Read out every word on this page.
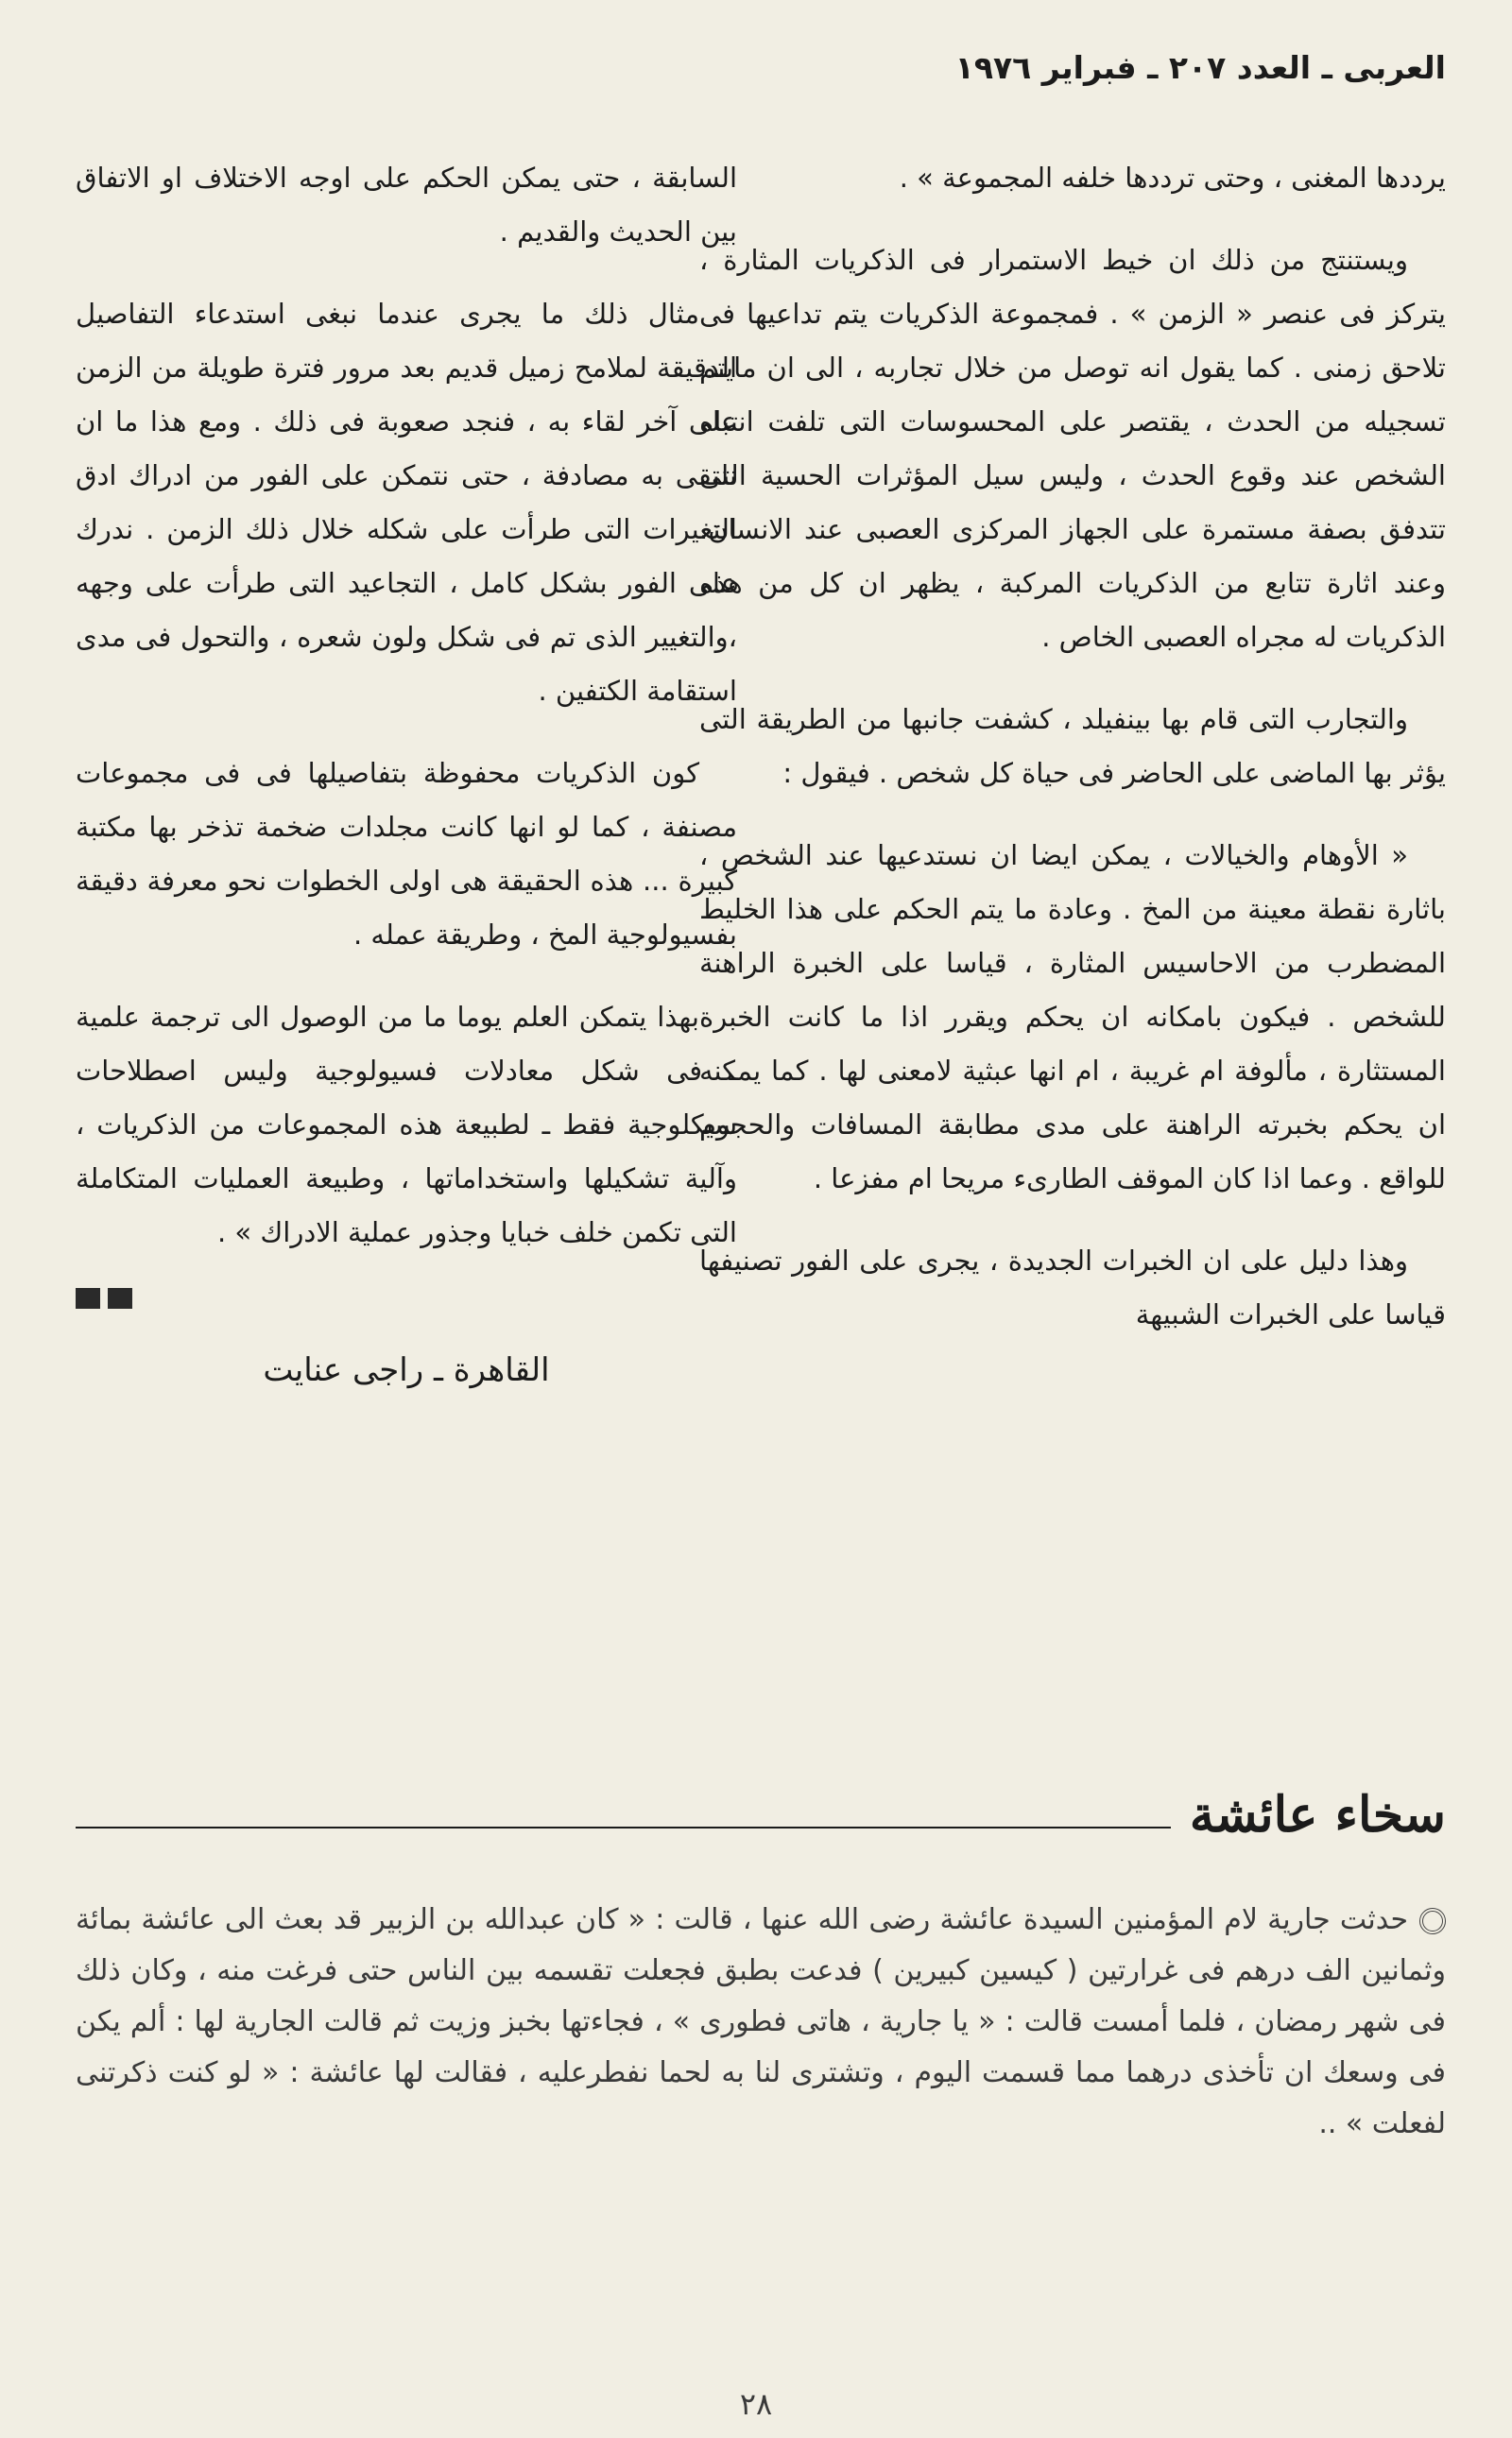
العربى ـ العدد ٢٠٧ ـ فبراير ١٩٧٦

يرددها المغنى ، وحتى ترددها خلفه المجموعة » .

ويستنتج من ذلك ان خيط الاستمرار فى الذكريات المثارة ، يتركز فى عنصر « الزمن » . فمجموعة الذكريات يتم تداعيها فى تلاحق زمنى . كما يقول انه توصل من خلال تجاربه ، الى ان مايتم تسجيله من الحدث ، يقتصر على المحسوسات التى تلفت انتباه الشخص عند وقوع الحدث ، وليس سيل المؤثرات الحسية التى تتدفق بصفة مستمرة على الجهاز المركزى العصبى عند الانسان. وعند اثارة تتابع من الذكريات المركبة ، يظهر ان كل من هذه الذكريات له مجراه العصبى الخاص .

والتجارب التى قام بها بينفيلد ، كشفت جانبها من الطريقة التى يؤثر بها الماضى على الحاضر فى حياة كل شخص . فيقول :

« الأوهام والخيالات ، يمكن ايضا ان نستدعيها عند الشخص ، باثارة نقطة معينة من المخ . وعادة ما يتم الحكم على هذا الخليط المضطرب من الاحاسيس المثارة ، قياسا على الخبرة الراهنة للشخص . فيكون بامكانه ان يحكم ويقرر اذا ما كانت الخبرة المستثارة ، مألوفة ام غريبة ، ام انها عبثية لامعنى لها . كما يمكنه ان يحكم بخبرته الراهنة على مدى مطابقة المسافات والحجوم للواقع . وعما اذا كان الموقف الطارىء مريحا ام مفزعا .

وهذا دليل على ان الخبرات الجديدة ، يجرى على الفور تصنيفها قياسا على الخبرات الشبيهة

السابقة ، حتى يمكن الحكم على اوجه الاختلاف او الاتفاق بين الحديث والقديم .

مثال ذلك ما يجرى عندما نبغى استدعاء التفاصيل الدقيقة لملامح زميل قديم بعد مرور فترة طويلة من الزمن على آخر لقاء به ، فنجد صعوبة فى ذلك . ومع هذا ما ان نلتقى به مصادفة ، حتى نتمكن على الفور من ادراك ادق التغيرات التى طرأت على شكله خلال ذلك الزمن . ندرك على الفور بشكل كامل ، التجاعيد التى طرأت على وجهه ،والتغيير الذى تم فى شكل ولون شعره ، والتحول فى مدى استقامة الكتفين .

كون الذكريات محفوظة بتفاصيلها فى فى مجموعات مصنفة ، كما لو انها كانت مجلدات ضخمة تذخر بها مكتبة كبيرة ... هذه الحقيقة هى اولى الخطوات نحو معرفة دقيقة بفسيولوجية المخ ، وطريقة عمله .

بهذا يتمكن العلم يوما ما من الوصول الى ترجمة علمية ـ فى شكل معادلات فسيولوجية وليس اصطلاحات سيكلوجية فقط ـ لطبيعة هذه المجموعات من الذكريات ، وآلية تشكيلها واستخداماتها ، وطبيعة العمليات المتكاملة التى تكمن خلف خبايا وجذور عملية الادراك » .

القاهرة ـ راجى عنايت
سخاء عائشة

حدثت جارية لام المؤمنين السيدة عائشة رضى الله عنها ، قالت : « كان عبدالله بن الزبير قد بعث الى عائشة بمائة وثمانين الف درهم فى غرارتين ( كيسين كبيرين ) فدعت بطبق فجعلت تقسمه بين الناس حتى فرغت منه ، وكان ذلك فى شهر رمضان ، فلما أمست قالت : « يا جارية ، هاتى فطورى » ، فجاءتها بخبز وزيت ثم قالت الجارية لها : ألم يكن فى وسعك ان تأخذى درهما مما قسمت اليوم ، وتشترى لنا به لحما نفطرعليه ، فقالت لها عائشة : « لو كنت ذكرتنى لفعلت » ..

٢٨
